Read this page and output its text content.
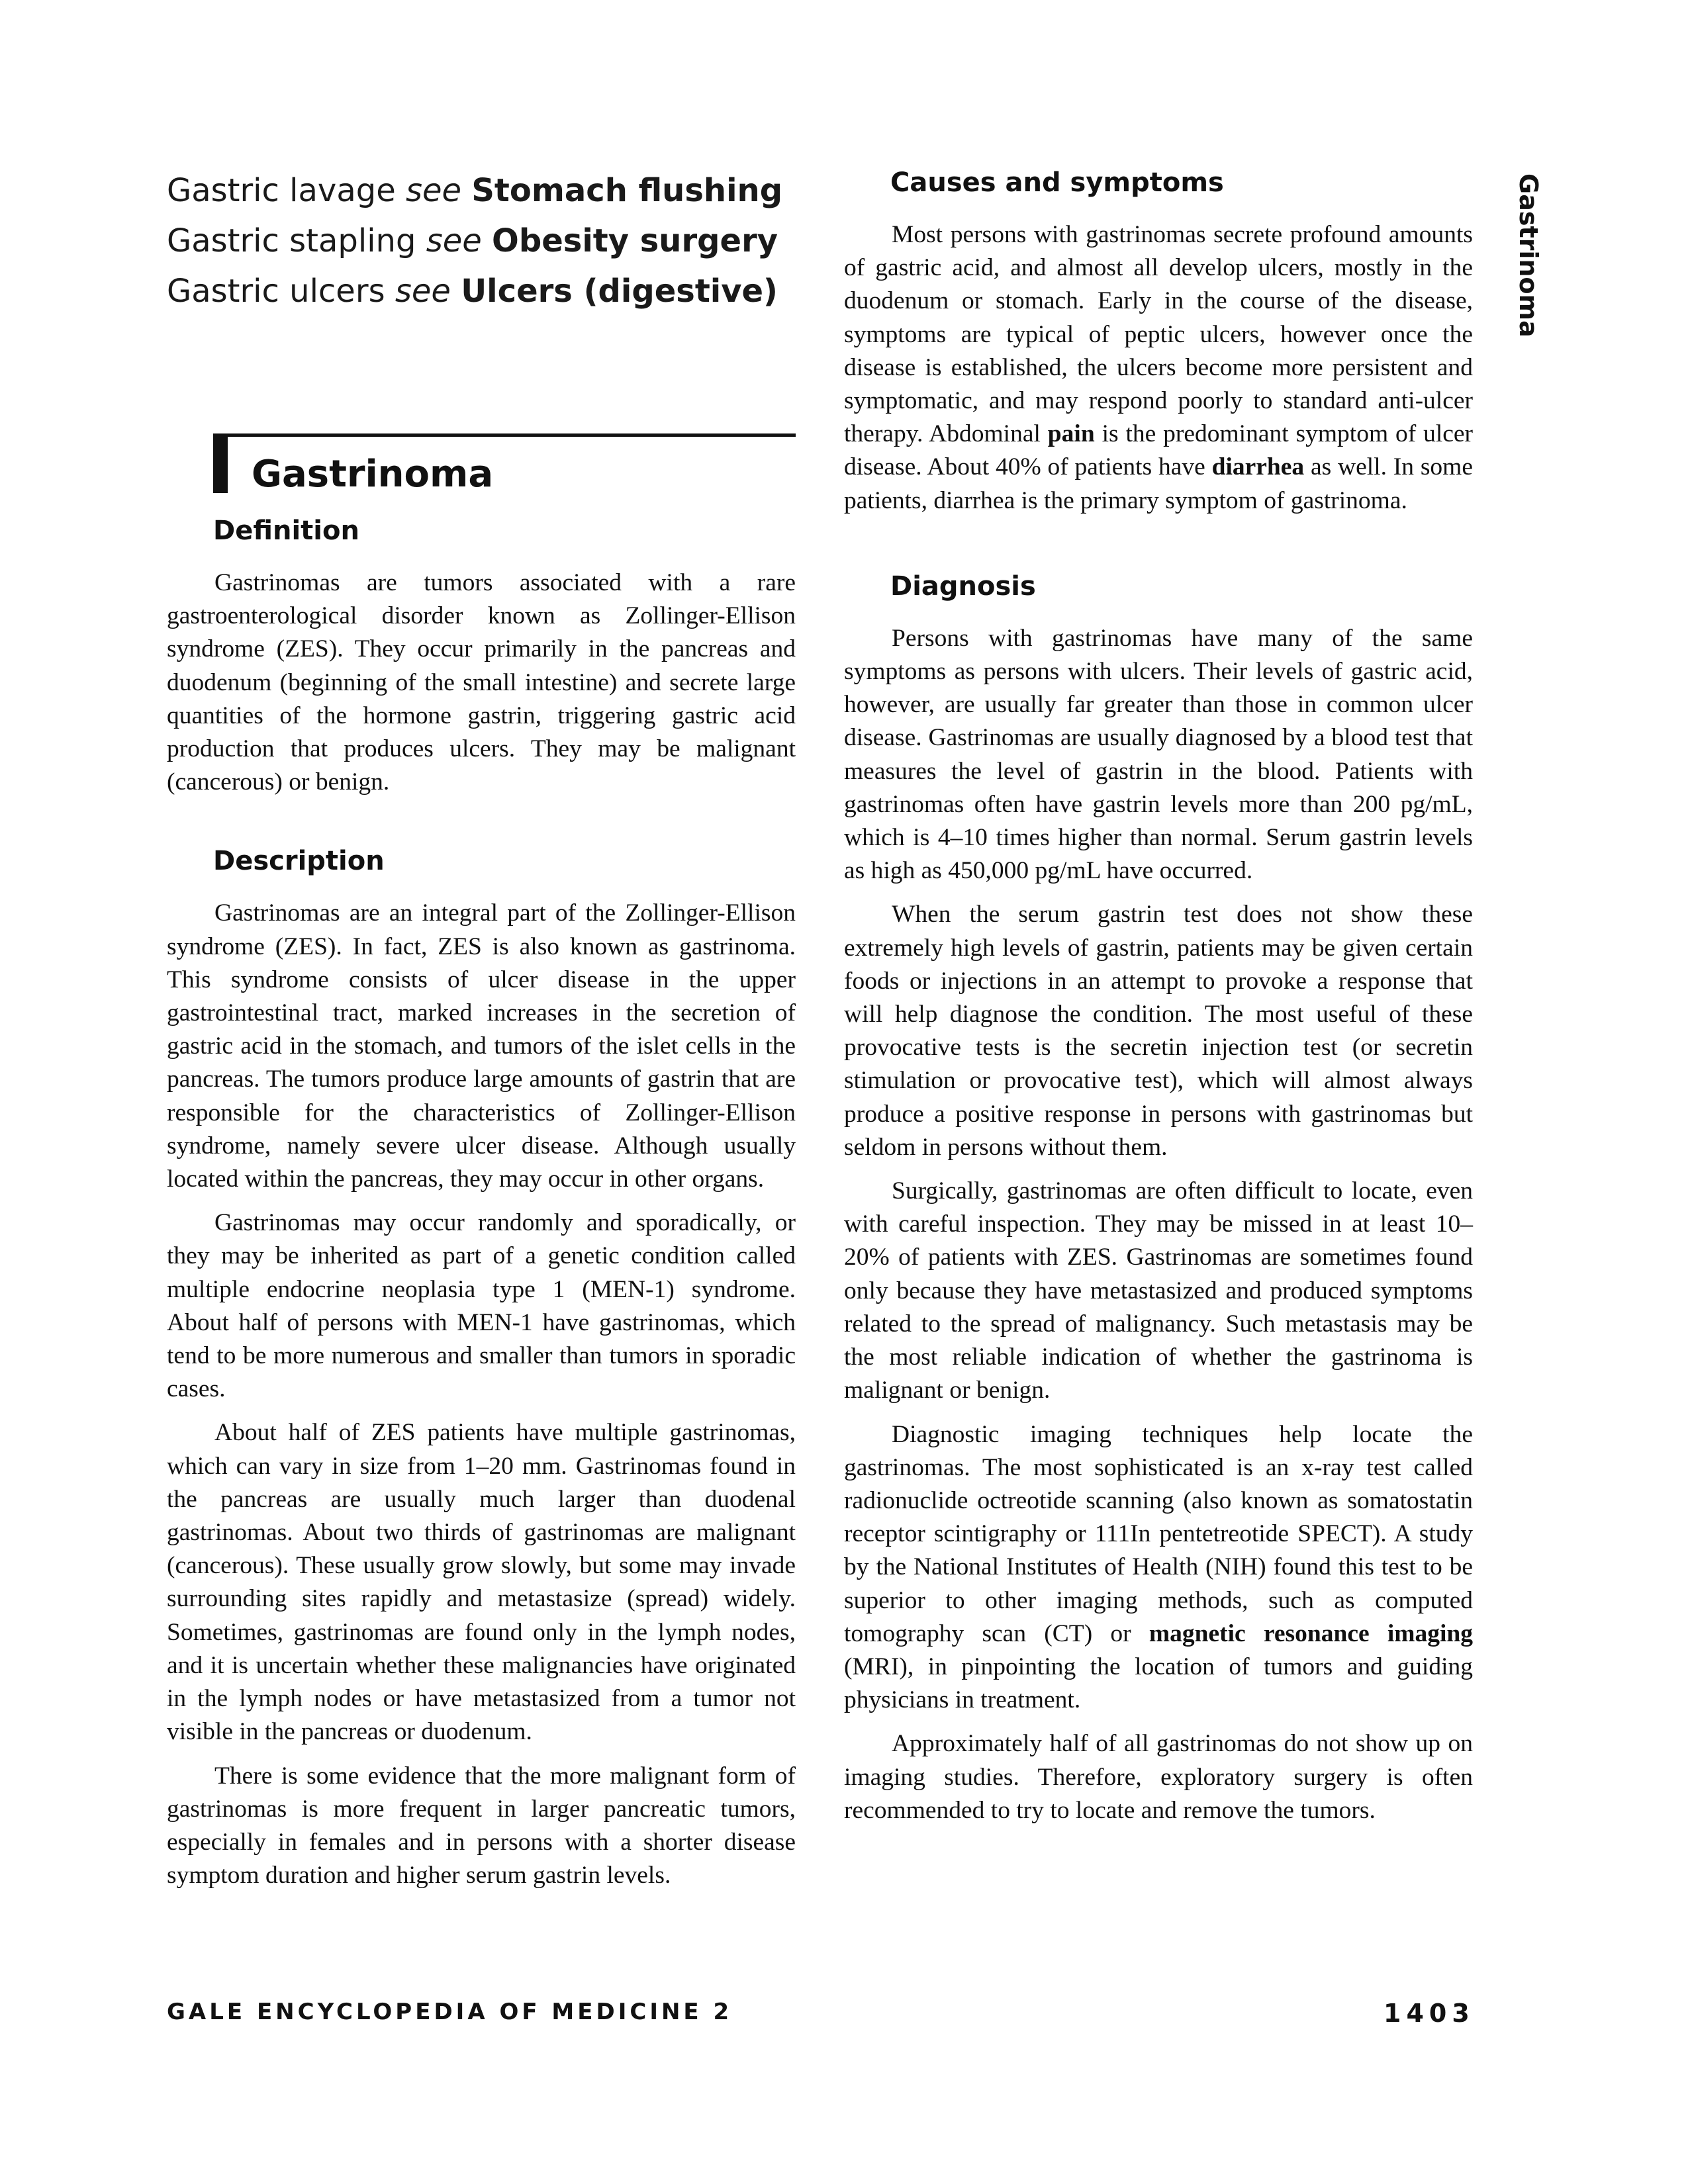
Gastric lavage see Stomach flushing
Gastric stapling see Obesity surgery
Gastric ulcers see Ulcers (digestive)
Gastrinoma
Definition

Gastrinomas are tumors associated with a rare gastroenterological disorder known as Zollinger-Ellison syndrome (ZES). They occur primarily in the pancreas and duodenum (beginning of the small intestine) and secrete large quantities of the hormone gastrin, triggering gastric acid production that produces ulcers. They may be malignant (cancerous) or benign.

Description

Gastrinomas are an integral part of the Zollinger-Ellison syndrome (ZES). In fact, ZES is also known as gastrinoma. This syndrome consists of ulcer disease in the upper gastrointestinal tract, marked increases in the secretion of gastric acid in the stomach, and tumors of the islet cells in the pancreas. The tumors produce large amounts of gastrin that are responsible for the characteristics of Zollinger-Ellison syndrome, namely severe ulcer disease. Although usually located within the pancreas, they may occur in other organs.

Gastrinomas may occur randomly and sporadically, or they may be inherited as part of a genetic condition called multiple endocrine neoplasia type 1 (MEN-1) syndrome. About half of persons with MEN-1 have gastrinomas, which tend to be more numerous and smaller than tumors in sporadic cases.

About half of ZES patients have multiple gastrinomas, which can vary in size from 1–20 mm. Gastrinomas found in the pancreas are usually much larger than duodenal gastrinomas. About two thirds of gastrinomas are malignant (cancerous). These usually grow slowly, but some may invade surrounding sites rapidly and metastasize (spread) widely. Sometimes, gastrinomas are found only in the lymph nodes, and it is uncertain whether these malignancies have originated in the lymph nodes or have metastasized from a tumor not visible in the pancreas or duodenum.

There is some evidence that the more malignant form of gastrinomas is more frequent in larger pancreatic tumors, especially in females and in persons with a shorter disease symptom duration and higher serum gastrin levels.

Causes and symptoms

Most persons with gastrinomas secrete profound amounts of gastric acid, and almost all develop ulcers, mostly in the duodenum or stomach. Early in the course of the disease, symptoms are typical of peptic ulcers, however once the disease is established, the ulcers become more persistent and symptomatic, and may respond poorly to standard anti-ulcer therapy. Abdominal pain is the predominant symptom of ulcer disease. About 40% of patients have diarrhea as well. In some patients, diarrhea is the primary symptom of gastrinoma.

Diagnosis

Persons with gastrinomas have many of the same symptoms as persons with ulcers. Their levels of gastric acid, however, are usually far greater than those in common ulcer disease. Gastrinomas are usually diagnosed by a blood test that measures the level of gastrin in the blood. Patients with gastrinomas often have gastrin levels more than 200 pg/mL, which is 4–10 times higher than normal. Serum gastrin levels as high as 450,000 pg/mL have occurred.

When the serum gastrin test does not show these extremely high levels of gastrin, patients may be given certain foods or injections in an attempt to provoke a response that will help diagnose the condition. The most useful of these provocative tests is the secretin injection test (or secretin stimulation or provocative test), which will almost always produce a positive response in persons with gastrinomas but seldom in persons without them.

Surgically, gastrinomas are often difficult to locate, even with careful inspection. They may be missed in at least 10–20% of patients with ZES. Gastrinomas are sometimes found only because they have metastasized and produced symptoms related to the spread of malignancy. Such metastasis may be the most reliable indication of whether the gastrinoma is malignant or benign.

Diagnostic imaging techniques help locate the gastrinomas. The most sophisticated is an x-ray test called radionuclide octreotide scanning (also known as somatostatin receptor scintigraphy or 111In pentetreotide SPECT). A study by the National Institutes of Health (NIH) found this test to be superior to other imaging methods, such as computed tomography scan (CT) or magnetic resonance imaging (MRI), in pinpointing the location of tumors and guiding physicians in treatment.

Approximately half of all gastrinomas do not show up on imaging studies. Therefore, exploratory surgery is often recommended to try to locate and remove the tumors.

Gastrinoma
GALE ENCYCLOPEDIA OF MEDICINE 2	1403
